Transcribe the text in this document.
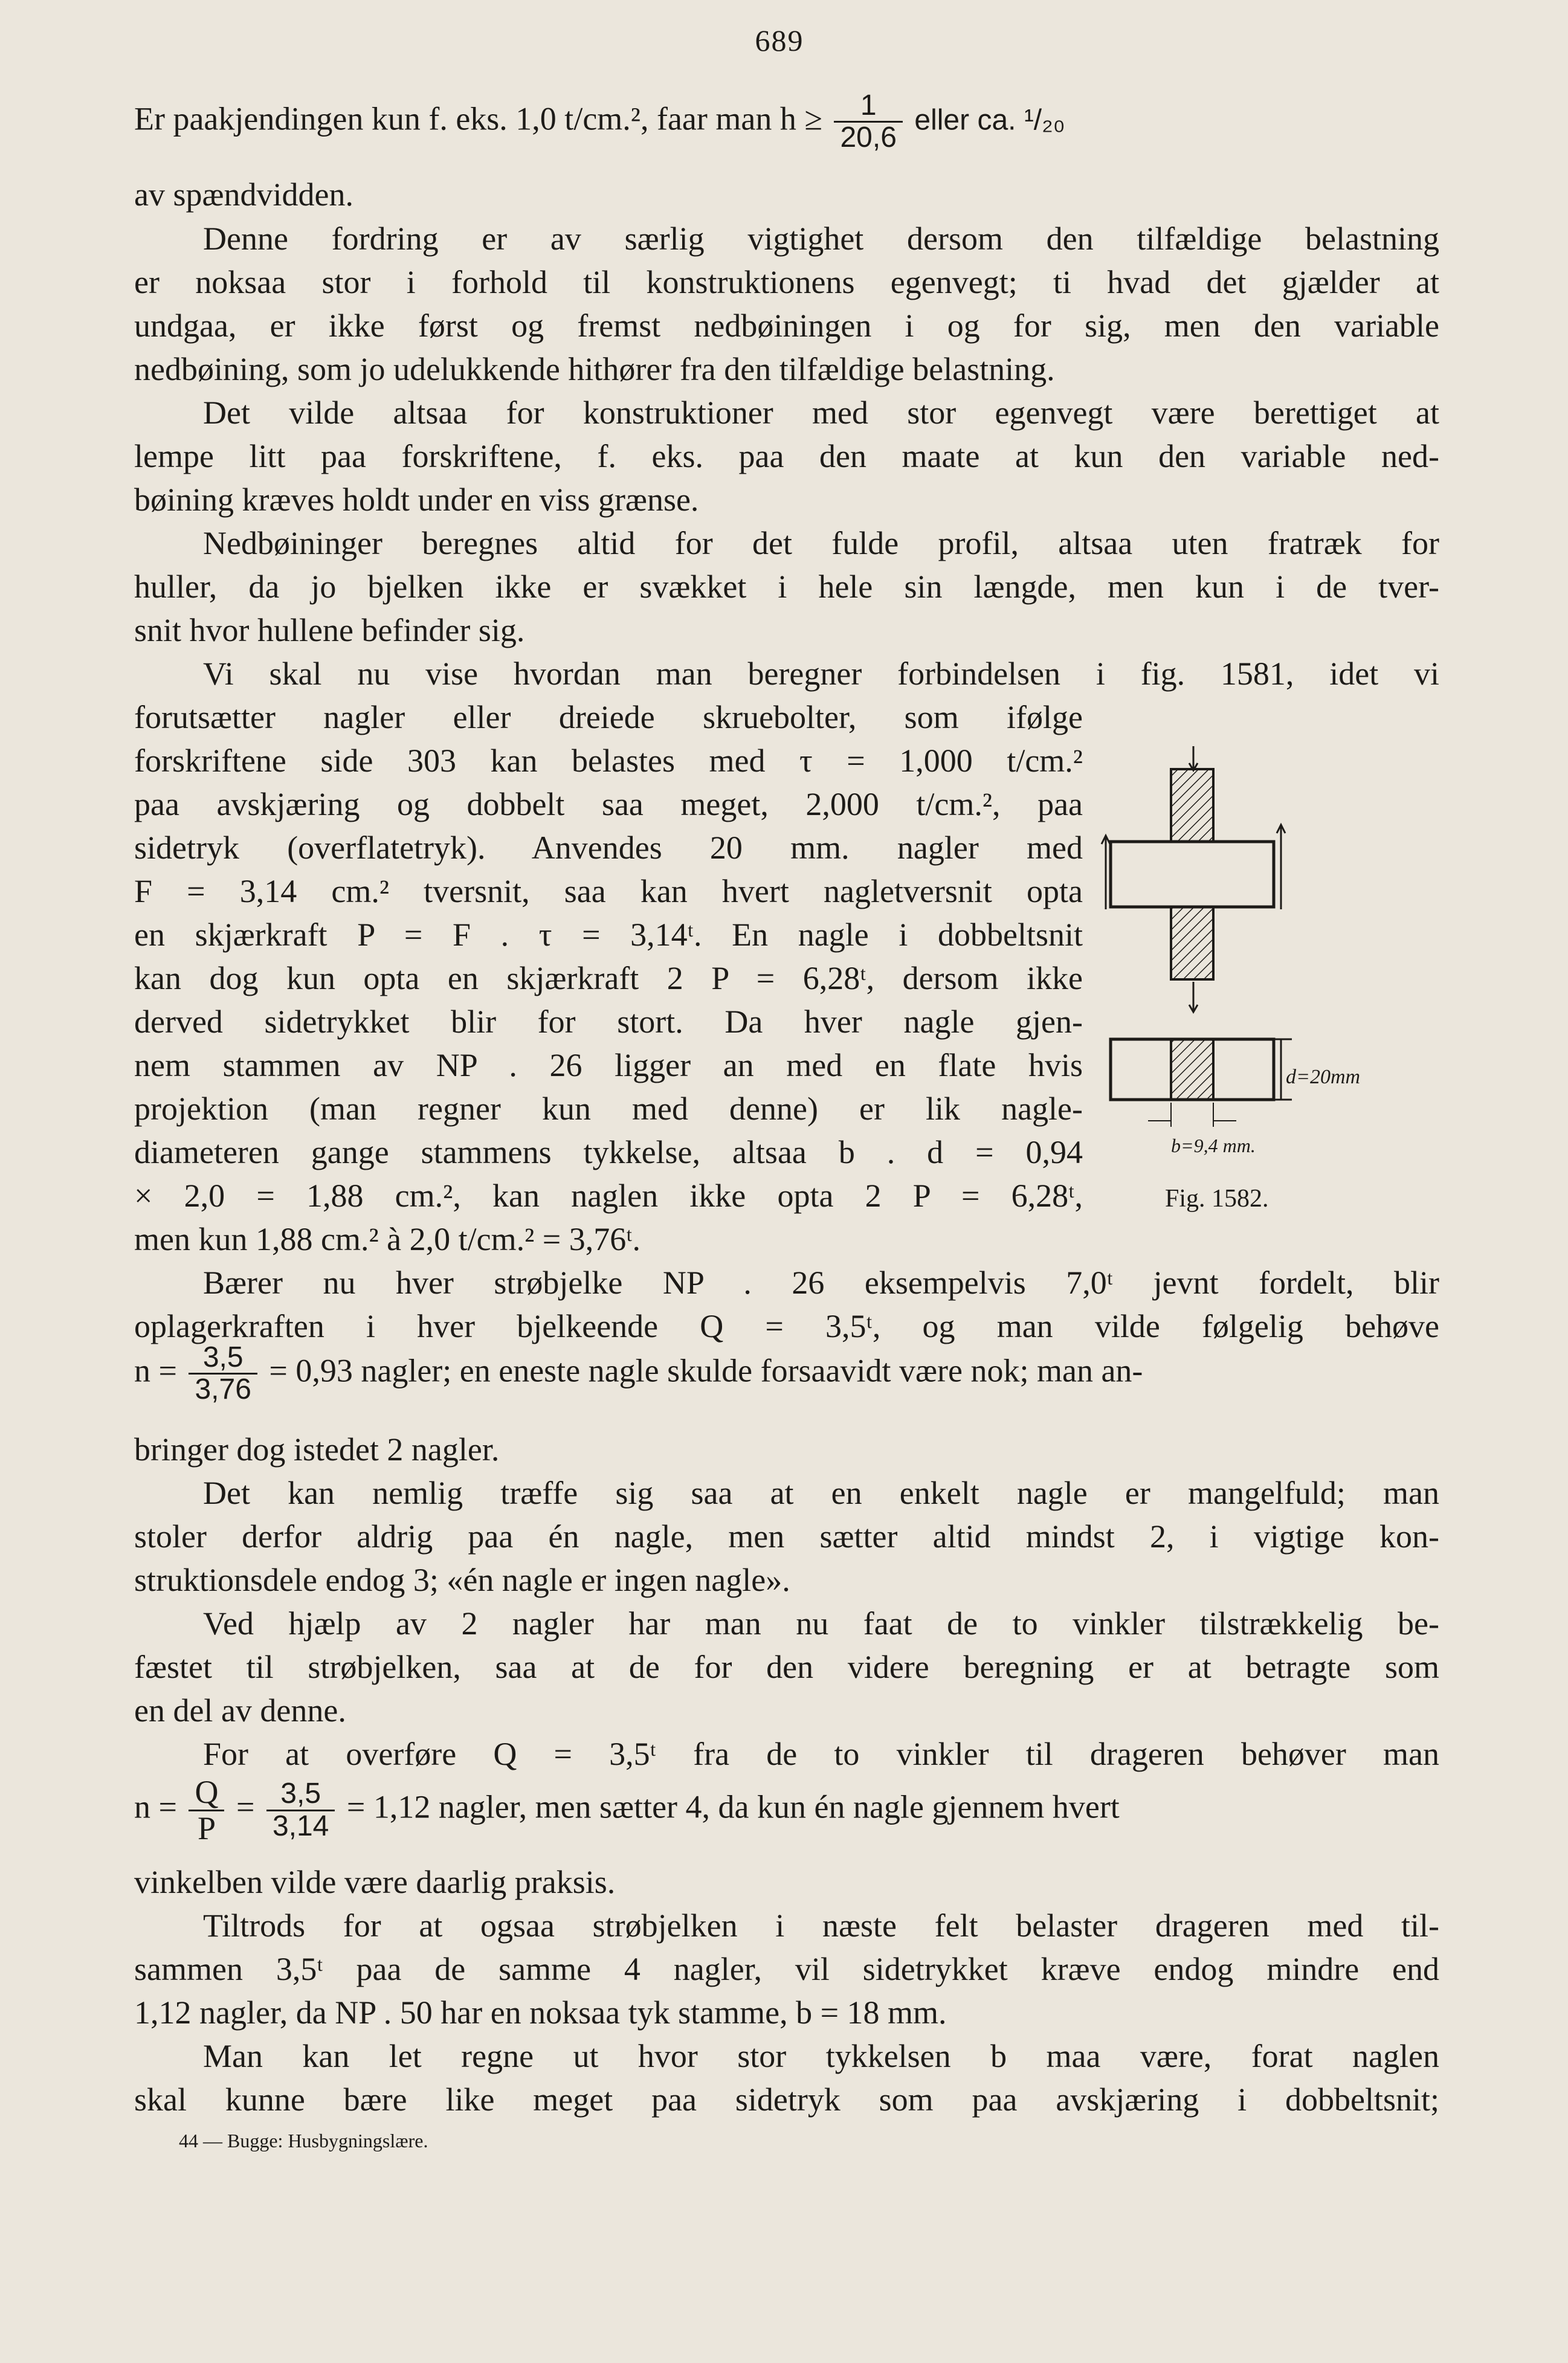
689
Er paakjendingen kun f. eks. 1,0 t/cm.², faar man $h \ge \frac{1}{20,6}$ eller ca. ¹/₂₀
av spændvidden.
Denne fordring er av særlig vigtighet dersom den tilfældige belastning
er noksaa stor i forhold til konstruktionens egenvegt; ti hvad det gjælder at
undgaa, er ikke først og fremst nedbøiningen i og for sig, men den variable
nedbøining, som jo udelukkende hithører fra den tilfældige belastning.
Det vilde altsaa for konstruktioner med stor egenvegt være berettiget at
lempe litt paa forskriftene, f. eks. paa den maate at kun den variable ned-
bøining kræves holdt under en viss grænse.
Nedbøininger beregnes altid for det fulde profil, altsaa uten fratræk for
huller, da jo bjelken ikke er svækket i hele sin længde, men kun i de tver-
snit hvor hullene befinder sig.
Vi skal nu vise hvordan man beregner forbindelsen i fig. 1581, idet vi
forutsætter nagler eller dreiede skruebolter, som ifølge
forskriftene side 303 kan belastes med τ = 1,000 t/cm.²
paa avskjæring og dobbelt saa meget, 2,000 t/cm.², paa
sidetryk (overflatetryk). Anvendes 20 mm. nagler med
F = 3,14 cm.² tversnit, saa kan hvert nagletversnit opta
en skjærkraft P = F . τ = 3,14ᵗ. En nagle i dobbeltsnit
kan dog kun opta en skjærkraft 2 P = 6,28ᵗ, dersom ikke
derved sidetrykket blir for stort. Da hver nagle gjen-
nem stammen av NP . 26 ligger an med en flate hvis
projektion (man regner kun med denne) er lik nagle-
diameteren gange stammens tykkelse, altsaa b . d = 0,94
× 2,0 = 1,88 cm.², kan naglen ikke opta 2 P = 6,28ᵗ,
men kun 1,88 cm.² à 2,0 t/cm.² = 3,76ᵗ.
Bærer nu hver strøbjelke NP . 26 eksempelvis 7,0ᵗ jevnt fordelt, blir
oplagerkraften i hver bjelkeende Q = 3,5ᵗ, og man vilde følgelig behøve
$n = \frac{3,5}{3,76} = 0,93$ nagler; en eneste nagle skulde forsaavidt være nok; man an-
bringer dog istedet 2 nagler.
Det kan nemlig træffe sig saa at en enkelt nagle er mangelfuld; man
stoler derfor aldrig paa én nagle, men sætter altid mindst 2, i vigtige kon-
struktionsdele endog 3; «én nagle er ingen nagle».
Ved hjælp av 2 nagler har man nu faat de to vinkler tilstrækkelig be-
fæstet til strøbjelken, saa at de for den videre beregning er at betragte som
en del av denne.
For at overføre Q = 3,5ᵗ fra de to vinkler til drageren behøver man
$n = \frac{Q}{P} = \frac{3,5}{3,14} = 1,12$ nagler, men sætter 4, da kun én nagle gjennem hvert
vinkelben vilde være daarlig praksis.
Tiltrods for at ogsaa strøbjelken i næste felt belaster drageren med til-
sammen 3,5ᵗ paa de samme 4 nagler, vil sidetrykket kræve endog mindre end
1,12 nagler, da NP . 50 har en noksaa tyk stamme, b = 18 mm.
Man kan let regne ut hvor stor tykkelsen b maa være, forat naglen
skal kunne bære like meget paa sidetryk som paa avskjæring i dobbeltsnit;
d=20mm
b=9,4 mm.
Fig. 1582.
44 — Bugge: Husbygningslære.
